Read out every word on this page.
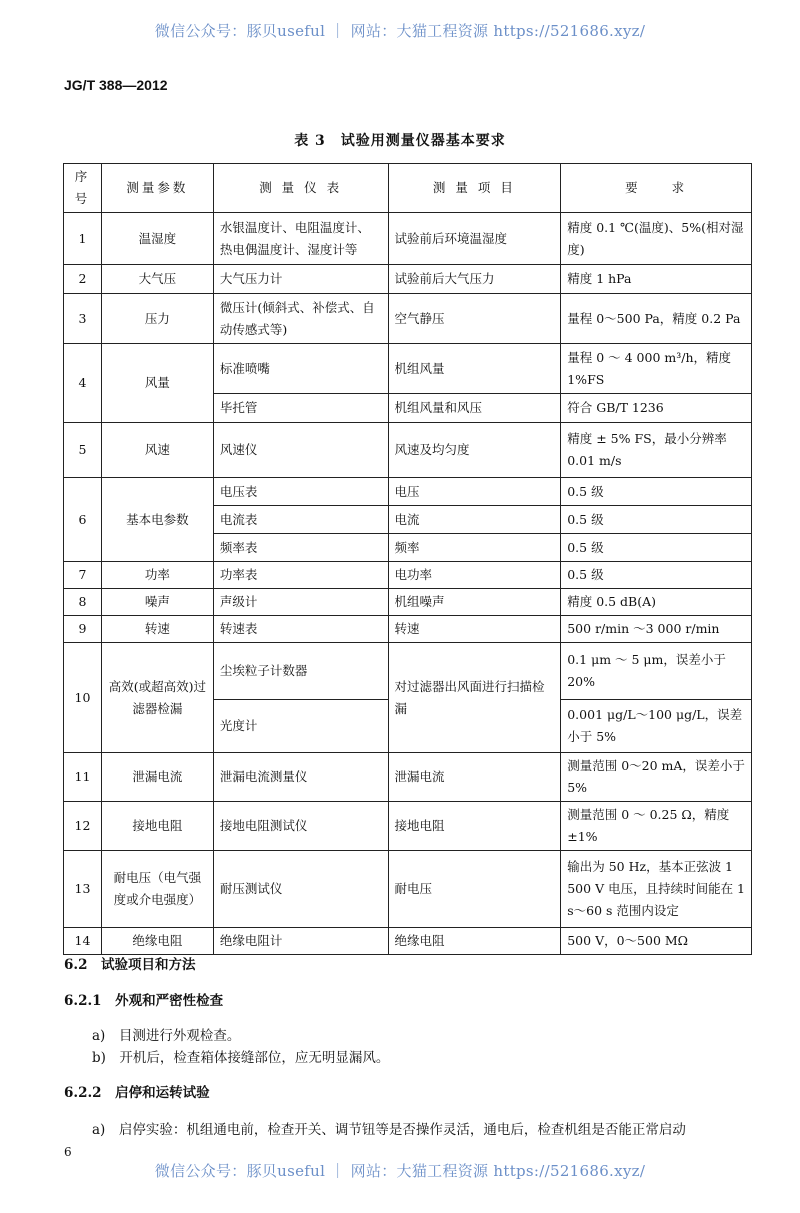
微信公众号：豚贝useful ｜ 网站：大猫工程资源 https://521686.xyz/
JG/T 388—2012
表 3　试验用测量仪器基本要求
序号	测量参数	测 量 仪 表	测 量 项 目	要　　求
1	温湿度	水银温度计、电阻温度计、热电偶温度计、湿度计等	试验前后环境温湿度	精度 0.1 ℃(温度)、5%(相对湿度)
2	大气压	大气压力计	试验前后大气压力	精度 1 hPa
3	压力	微压计(倾斜式、补偿式、自动传感式等)	空气静压	量程 0～500 Pa，精度 0.2 Pa
4	风量	标准喷嘴	机组风量	量程 0 ～ 4 000 m³/h，精度 1%FS
		毕托管	机组风量和风压	符合 GB/T 1236
5	风速	风速仪	风速及均匀度	精度 ± 5% FS，最小分辨率 0.01 m/s
6	基本电参数	电压表	电压	0.5 级
		电流表	电流	0.5 级
		频率表	频率	0.5 级
7	功率	功率表	电功率	0.5 级
8	噪声	声级计	机组噪声	精度 0.5 dB(A)
9	转速	转速表	转速	500 r/min ～3 000 r/min
10	高效(或超高效)过滤器检漏	尘埃粒子计数器	对过滤器出风面进行扫描检漏	0.1 μm ～ 5 μm，误差小于 20%
		光度计		0.001 μg/L～100 μg/L，误差小于 5%
11	泄漏电流	泄漏电流测量仪	泄漏电流	测量范围 0～20 mA，误差小于 5%
12	接地电阻	接地电阻测试仪	接地电阻	测量范围 0 ～ 0.25 Ω，精度 ±1%
13	耐电压（电气强度或介电强度）	耐压测试仪	耐电压	输出为 50 Hz，基本正弦波 1 500 V 电压，且持续时间能在 1 s～60 s 范围内设定
14	绝缘电阻	绝缘电阻计	绝缘电阻	500 V，0～500 MΩ
6.2　试验项目和方法
6.2.1　外观和严密性检查
a)　目测进行外观检查。
b)　开机后，检查箱体接缝部位，应无明显漏风。
6.2.2　启停和运转试验
a)　启停实验：机组通电前，检查开关、调节钮等是否操作灵活，通电后，检查机组是否能正常启动
6
微信公众号：豚贝useful ｜ 网站：大猫工程资源 https://521686.xyz/
